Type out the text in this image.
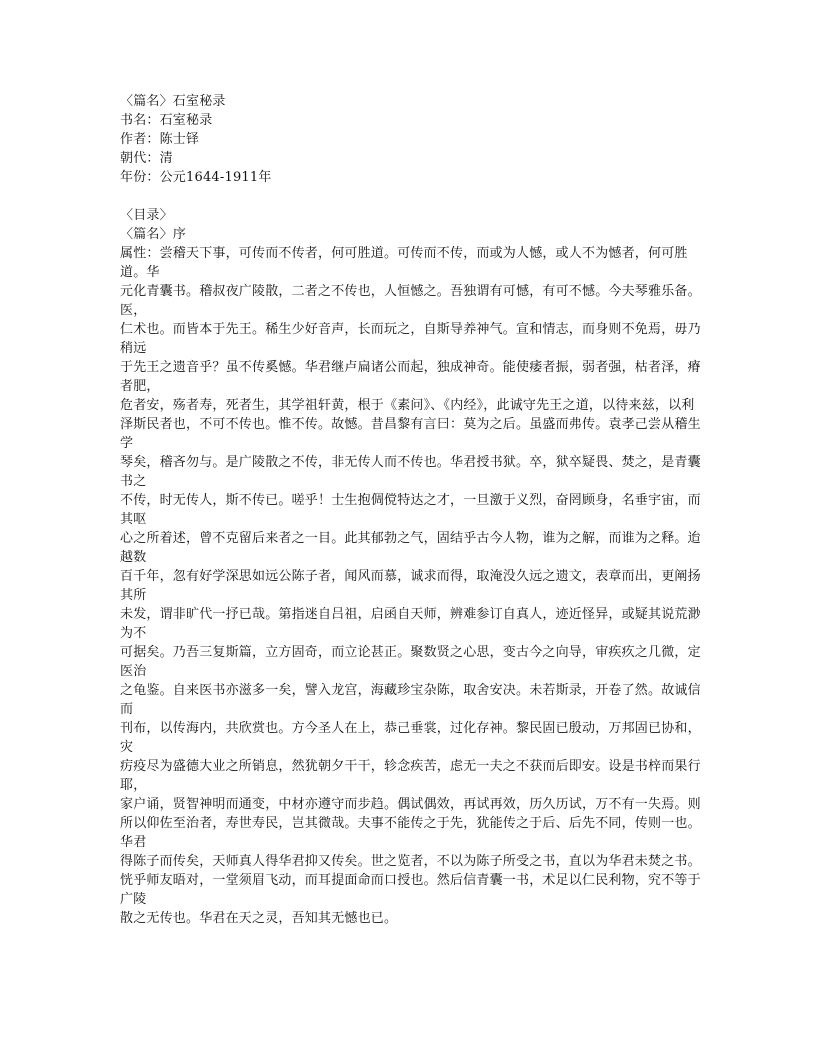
〈篇名〉石室秘录
书名：石室秘录
作者：陈士铎
朝代：清
年份：公元1644-1911年
〈目录〉
〈篇名〉序
属性：尝稽天下事，可传而不传者，何可胜道。可传而不传，而或为人憾，或人不为憾者，何可胜道。华
元化青囊书。稽叔夜广陵散，二者之不传也，人恒憾之。吾独谓有可憾，有可不憾。今夫琴雅乐备。医，
仁术也。而皆本于先王。稀生少好音声，长而玩之，自斯导养神气。宣和情志，而身则不免焉，毋乃稍远
于先王之遗音乎？虽不传奚憾。华君继卢扁诸公而起，独成神奇。能使痿者振，弱者强，枯者泽，瘠者肥，
危者安，殇者寿，死者生，其学祖轩黄，根于《素问》、《内经》，此诚守先王之道，以待来兹，以利
泽斯民者也，不可不传也。惟不传。故憾。昔昌黎有言曰：莫为之后。虽盛而弗传。袁孝己尝从稽生学
琴矣，稽吝勿与。是广陵散之不传，非无传人而不传也。华君授书狱。卒，狱卒疑畏、焚之，是青囊书之
不传，时无传人，斯不传已。嗟乎！士生抱倜傥特达之才，一旦激于义烈，奋罔顾身，名垂宇宙，而其呕
心之所着述，曾不克留后来者之一目。此其郁勃之气，固结乎古今人物，谁为之解，而谁为之释。迨越数
百千年，忽有好学深思如远公陈子者，闻风而慕，诚求而得，取淹没久远之遗文，表章而出，更阐扬其所
未发，谓非旷代一抒已哉。第指迷自吕祖，启函自天师，辨难参订自真人，迹近怪异，或疑其说荒渺为不
可据矣。乃吾三复斯篇，立方固奇，而立论甚正。聚数贤之心思，变古今之向导，审疾疚之几微，定医治
之龟鉴。自来医书亦滋多一矣，譬入龙宫，海藏珍宝杂陈，取舍安决。未若斯录，开卷了然。故诚信而
刊布，以传海内，共欣赏也。方今圣人在上，恭己垂裳，过化存神。黎民固已殷动，万邦固已协和，灾
疠疫尽为盛德大业之所销息，然犹朝夕干干，轸念疾苦，虑无一夫之不获而后即安。设是书梓而果行耶，
家户诵，贤智神明而通变，中材亦遵守而步趋。偶试偶效，再试再效，历久历试，万不有一失焉。则
所以仰佐至治者，寿世寿民，岂其微哉。夫事不能传之于先，犹能传之于后、后先不同，传则一也。华君
得陈子而传矣，天师真人得华君抑又传矣。世之览者，不以为陈子所受之书，直以为华君未焚之书。
恍乎师友晤对，一堂须眉飞动，而耳提面命而口授也。然后信青囊一书，术足以仁民利物，究不等于广陵
散之无传也。华君在天之灵，吾知其无憾也已。
